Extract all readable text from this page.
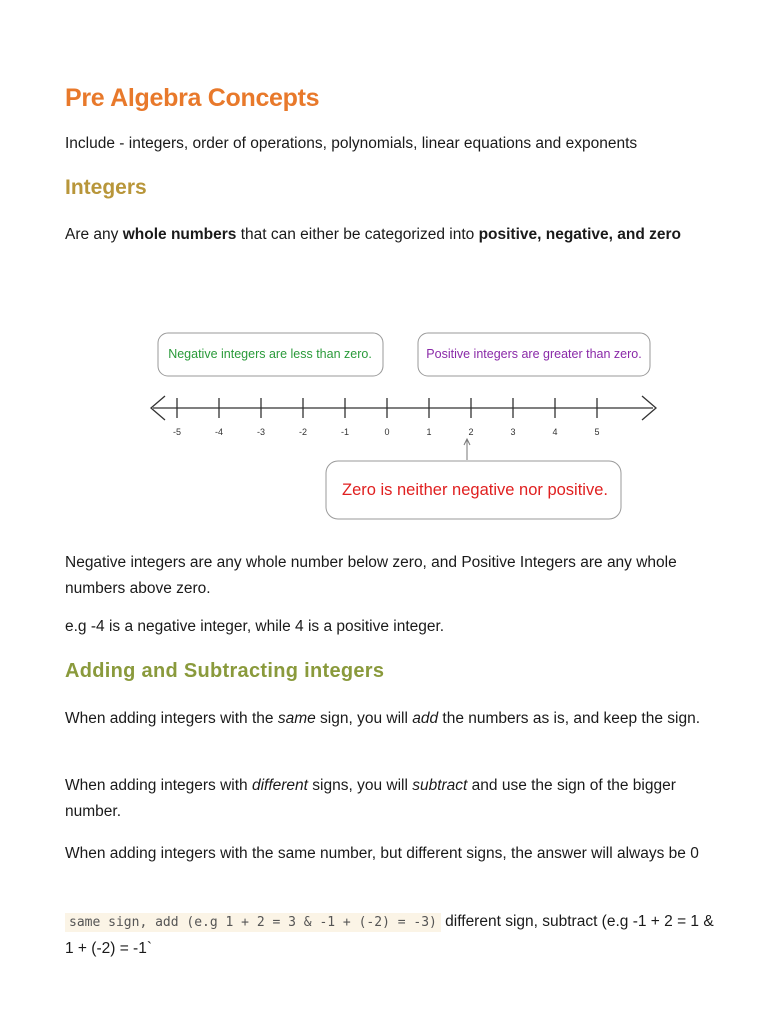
Pre Algebra Concepts

Include - integers, order of operations, polynomials, linear equations and exponents

Integers

Are any whole numbers that can either be categorized into positive, negative, and zero

Negative integers are less than zero.	Positive integers are greater than zero.
-5	-4	-3	-2	-1	0	1	2	3	4	5
Zero is neither negative nor positive.

Negative integers are any whole number below zero, and Positive Integers are any whole numbers above zero.

e.g -4 is a negative integer, while 4 is a positive integer.

Adding and Subtracting integers

When adding integers with the same sign, you will add the numbers as is, and keep the sign.

When adding integers with different signs, you will subtract and use the sign of the bigger number.

When adding integers with the same number, but different signs, the answer will always be 0

same sign, add (e.g 1 + 2 = 3 & -1 + (-2) = -3) different sign, subtract (e.g -1 + 2 = 1 & 1 + (-2) = -1`
